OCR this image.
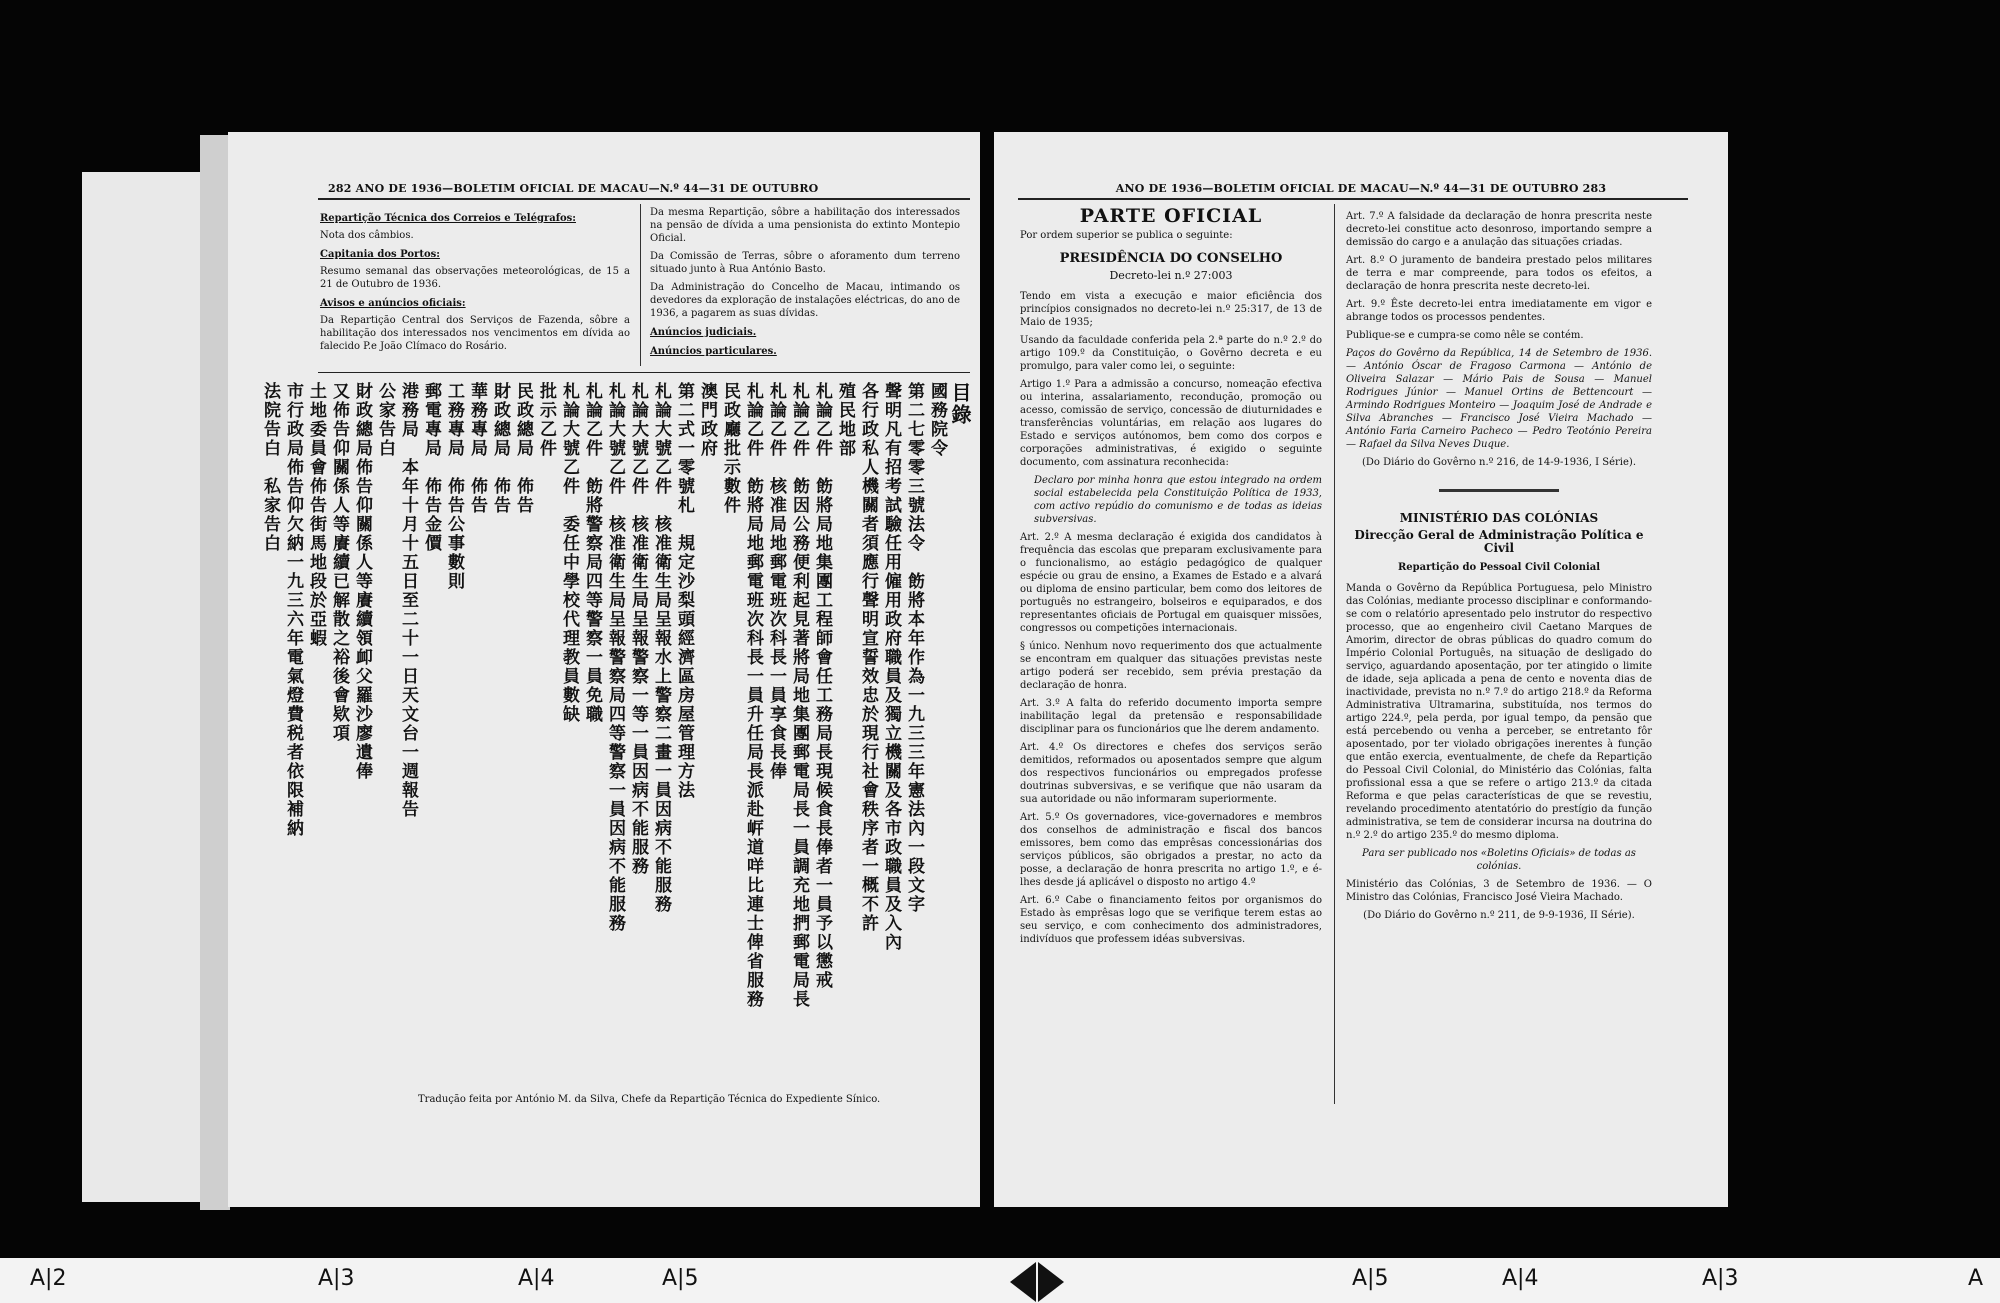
282 ANO DE 1936—BOLETIM OFICIAL DE MACAU—N.º 44—31 DE OUTUBRO

Repartição Técnica dos Correios e Telégrafos:

Nota dos câmbios.

Capitania dos Portos:

Resumo semanal das observações meteorológicas, de 15 a 21 de Outubro de 1936.

Avisos e anúncios oficiais:

Da Repartição Central dos Serviços de Fazenda, sôbre a habilitação dos interessados nos vencimentos em dívida ao falecido P.e João Clímaco do Rosário.

Da mesma Repartição, sôbre a habilitação dos interessados na pensão de dívida a uma pensionista do extinto Montepio Oficial.

Da Comissão de Terras, sôbre o aforamento dum terreno situado junto à Rua António Basto.

Da Administração do Concelho de Macau, intimando os devedores da exploração de instalações eléctricas, do ano de 1936, a pagarem as suas dívidas.

Anúncios judiciais.

Anúncios particulares.

目錄
國務院令
第二七零零三號法令　飭將本年作為一九三三年憲法內一段文字
聲明凡有招考試驗任用僱用政府職員及獨立機關及各市政職員及入內
各行政私人機關者須應行聲明宣誓效忠於現行社會秩序者一概不許
殖民地部
札論乙件　飭將局地集團工程師會任工務局長現候食長俸者一員予以懲戒
札論乙件　飭因公務便利起見著將局地集團郵電局長一員調充地捫郵電局長
札論乙件　核准局地郵電班次科長一員享食長俸
札論乙件　飭將局地郵電班次科長一員升任局長派赴㟁道咩比連士俾省服務
民政廳批示數件
澳門政府
第二式一零號札　規定沙梨頭經濟區房屋管理方法
札論大號乙件　核准衛生局呈報水上警察二畫一員因病不能服務
札論大號乙件　核准衛生局呈報警察一等一員因病不能服務
札論大號乙件　核准衛生局呈報警察局四等警察一員因病不能服務
札論乙件　飭將警察局四等警察一員免職
札論大號乙件　委任中學校代理教員數缺
批示乙件
民政總局　佈告
財政總局　佈告
華務專局　佈告
工務專局　佈告公事數則
郵電專局　佈告金價
港務局　本年十月十五日至二十一日天文台一週報告
公家告白
財政總局佈告仰關係人等賡續領卹父羅沙廖遺俸
又佈告仰關係人等賡續已解散之裕後會欵項
土地委員會佈告街馬地段於亞蝦
市行政局佈告仰欠納一九三六年電氣燈費税者依限補納
法院告白　私家告白
Tradução feita por António M. da Silva, Chefe da Repartição Técnica do Expediente Sínico.
ANO DE 1936—BOLETIM OFICIAL DE MACAU—N.º 44—31 DE OUTUBRO 283

PARTE OFICIAL

Por ordem superior se publica o seguinte:

PRESIDÊNCIA DO CONSELHO

Decreto-lei n.º 27:003

Tendo em vista a execução e maior eficiência dos princípios consignados no decreto-lei n.º 25:317, de 13 de Maio de 1935;

Usando da faculdade conferida pela 2.ª parte do n.º 2.º do artigo 109.º da Constituição, o Govêrno decreta e eu promulgo, para valer como lei, o seguinte:

Artigo 1.º Para a admissão a concurso, nomeação efectiva ou interina, assalariamento, recondução, promoção ou acesso, comissão de serviço, concessão de diuturnidades e transferências voluntárias, em relação aos lugares do Estado e serviços autónomos, bem como dos corpos e corporações administrativas, é exigido o seguinte documento, com assinatura reconhecida:

Declaro por minha honra que estou integrado na ordem social estabelecida pela Constituição Política de 1933, com activo repúdio do comunismo e de todas as ideias subversivas.

Art. 2.º A mesma declaração é exigida dos candidatos à frequência das escolas que preparam exclusivamente para o funcionalismo, ao estágio pedagógico de qualquer espécie ou grau de ensino, a Exames de Estado e a alvará ou diploma de ensino particular, bem como dos leitores de português no estrangeiro, bolseiros e equiparados, e dos representantes oficiais de Portugal em quaisquer missões, congressos ou competições internacionais.

§ único. Nenhum novo requerimento dos que actualmente se encontram em qualquer das situações previstas neste artigo poderá ser recebido, sem prévia prestação da declaração de honra.

Art. 3.º A falta do referido documento importa sempre inabilitação legal da pretensão e responsabilidade disciplinar para os funcionários que lhe derem andamento.

Art. 4.º Os directores e chefes dos serviços serão demitidos, reformados ou aposentados sempre que algum dos respectivos funcionários ou empregados professe doutrinas subversivas, e se verifique que não usaram da sua autoridade ou não informaram superiormente.

Art. 5.º Os governadores, vice-governadores e membros dos conselhos de administração e fiscal dos bancos emissores, bem como das emprêsas concessionárias dos serviços públicos, são obrigados a prestar, no acto da posse, a declaração de honra prescrita no artigo 1.º, e é-lhes desde já aplicável o disposto no artigo 4.º

Art. 6.º Cabe o financiamento feitos por organismos do Estado às emprêsas logo que se verifique terem estas ao seu serviço, e com conhecimento dos administradores, indivíduos que professem idéas subversivas.

Art. 7.º A falsidade da declaração de honra prescrita neste decreto-lei constitue acto desonroso, importando sempre a demissão do cargo e a anulação das situações criadas.

Art. 8.º O juramento de bandeira prestado pelos militares de terra e mar compreende, para todos os efeitos, a declaração de honra prescrita neste decreto-lei.

Art. 9.º Êste decreto-lei entra imediatamente em vigor e abrange todos os processos pendentes.

Publique-se e cumpra-se como nêle se contém.

Paços do Govêrno da República, 14 de Setembro de 1936. — António Óscar de Fragoso Carmona — António de Oliveira Salazar — Mário Pais de Sousa — Manuel Rodrigues Júnior — Manuel Ortins de Bettencourt — Armindo Rodrigues Monteiro — Joaquim José de Andrade e Silva Abranches — Francisco José Vieira Machado — António Faria Carneiro Pacheco — Pedro Teotónio Pereira — Rafael da Silva Neves Duque.

(Do Diário do Govêrno n.º 216, de 14-9-1936, I Série).

MINISTÉRIO DAS COLÓNIAS

Direcção Geral de Administração Política e Civil

Repartição do Pessoal Civil Colonial

Manda o Govêrno da República Portuguesa, pelo Ministro das Colónias, mediante processo disciplinar e conformando-se com o relatório apresentado pelo instrutor do respectivo processo, que ao engenheiro civil Caetano Marques de Amorim, director de obras públicas do quadro comum do Império Colonial Português, na situação de desligado do serviço, aguardando aposentação, por ter atingido o limite de idade, seja aplicada a pena de cento e noventa dias de inactividade, prevista no n.º 7.º do artigo 218.º da Reforma Administrativa Ultramarina, substituída, nos termos do artigo 224.º, pela perda, por igual tempo, da pensão que está percebendo ou venha a perceber, se entretanto fôr aposentado, por ter violado obrigações inerentes à função que então exercia, eventualmente, de chefe da Repartição do Pessoal Civil Colonial, do Ministério das Colónias, falta profissional essa a que se refere o artigo 213.º da citada Reforma e que pelas características de que se revestiu, revelando procedimento atentatório do prestígio da função administrativa, se tem de considerar incursa na doutrina do n.º 2.º do artigo 235.º do mesmo diploma.

Para ser publicado nos «Boletins Oficiais» de todas as colónias.

Ministério das Colónias, 3 de Setembro de 1936. — O Ministro das Colónias, Francisco José Vieira Machado.

(Do Diário do Govêrno n.º 211, de 9-9-1936, II Série).

A|2	A|3	A|4	A|5	A|5	A|4	A|3	A
